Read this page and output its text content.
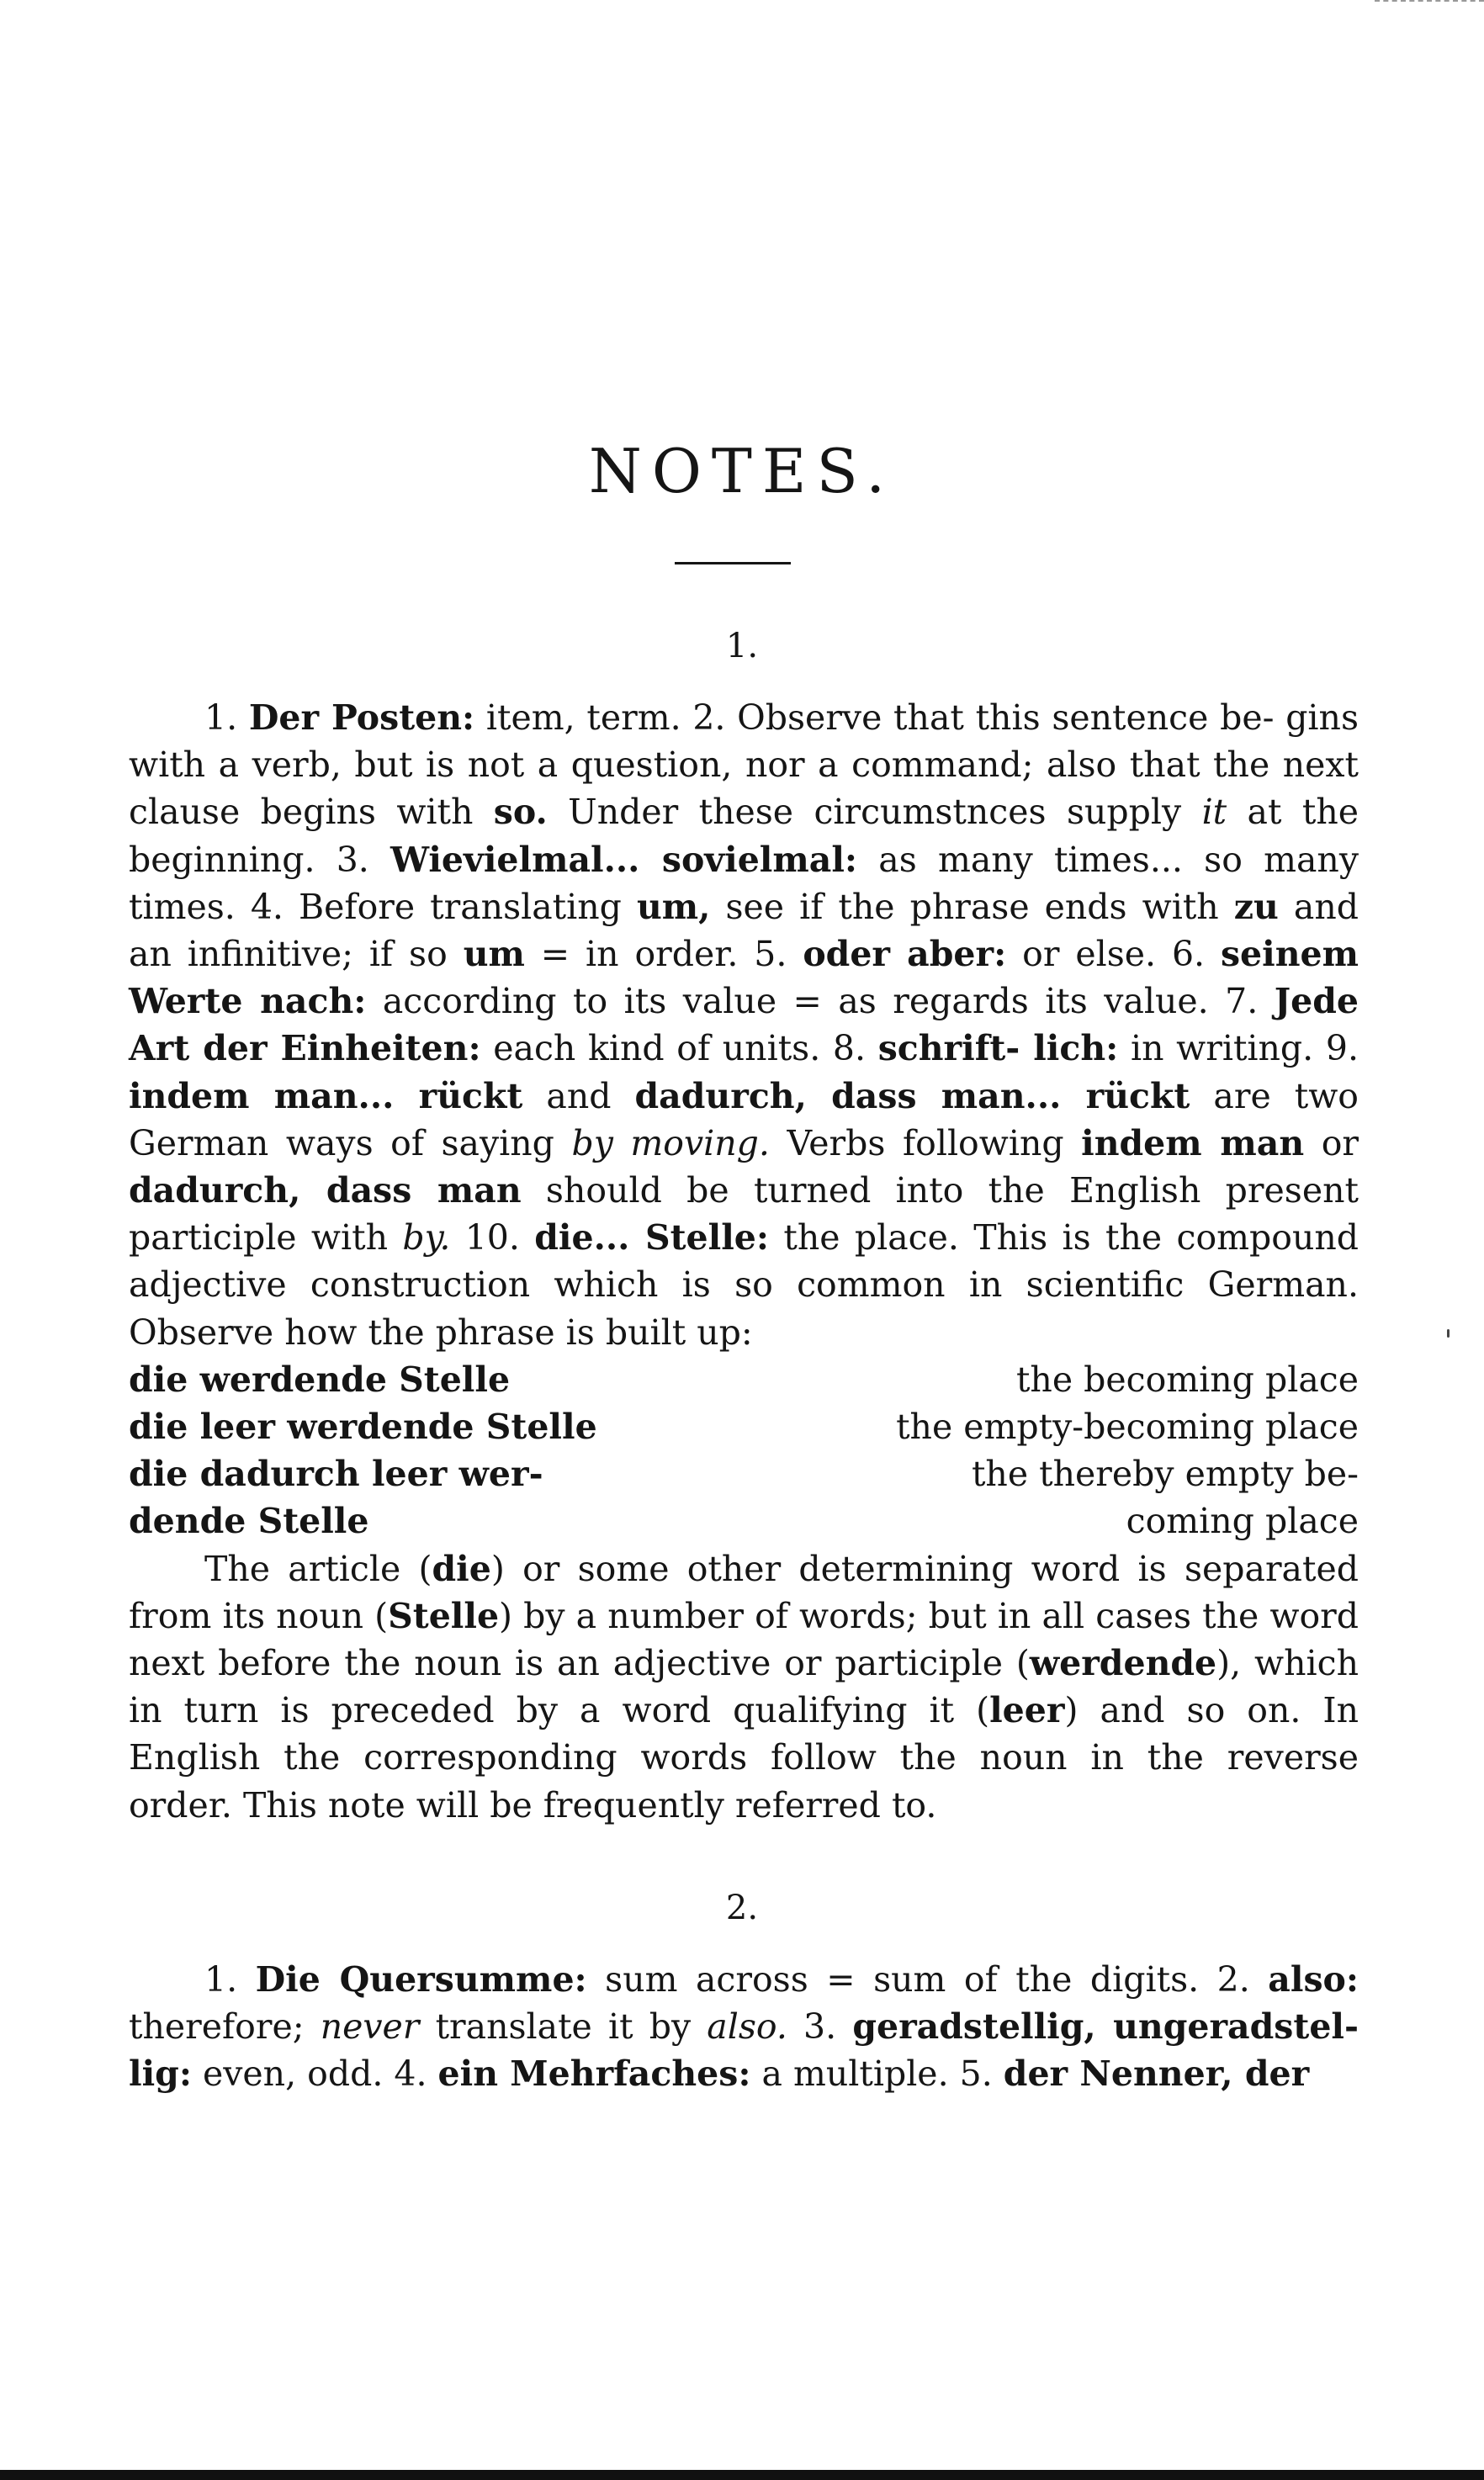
NOTES.
1.

1. Der Posten: item, term. 2. Observe that this sentence be- gins with a verb, but is not a question, nor a command; also that the next clause begins with so. Under these circumstnces supply it at the beginning. 3. Wievielmal... sovielmal: as many times... so many times. 4. Before translating um, see if the phrase ends with zu and an infinitive; if so um = in order. 5. oder aber: or else. 6. seinem Werte nach: according to its value = as regards its value. 7. Jede Art der Einheiten: each kind of units. 8. schrift- lich: in writing. 9. indem man... rückt and dadurch, dass man... rückt are two German ways of saying by moving. Verbs following indem man or dadurch, dass man should be turned into the English present participle with by. 10. die... Stelle: the place. This is the compound adjective construction which is so common in scientific German. Observe how the phrase is built up:

die werdende Stelle	the becoming place
die leer werdende Stelle	the empty-becoming place
die dadurch leer wer-	the thereby empty be-
dende Stelle	coming place

The article (die) or some other determining word is separated from its noun (Stelle) by a number of words; but in all cases the word next before the noun is an adjective or participle (werdende), which in turn is preceded by a word qualifying it (leer) and so on. In English the corresponding words follow the noun in the reverse order. This note will be frequently referred to.

2.

1. Die Quersumme: sum across = sum of the digits. 2. also: therefore; never translate it by also. 3. geradstellig, ungeradstel- lig: even, odd. 4. ein Mehrfaches: a multiple. 5. der Nenner, der
